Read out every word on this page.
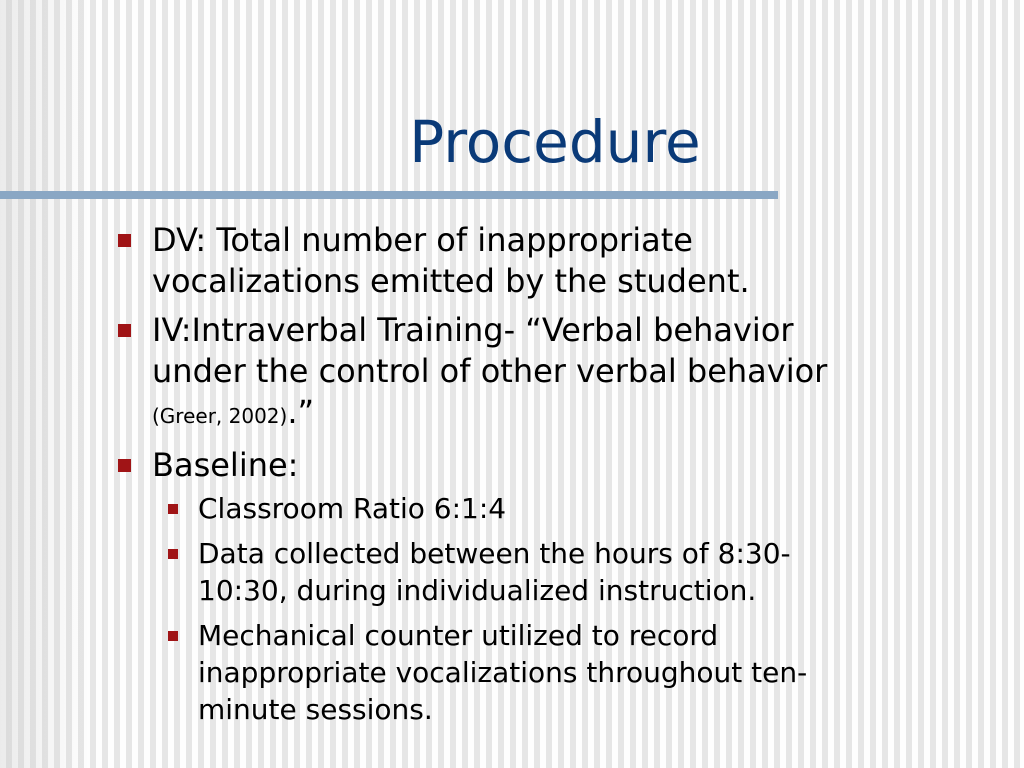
Procedure
DV: Total number of inappropriate
vocalizations emitted by the student.
IV:Intraverbal Training- “Verbal behavior
under the control of other verbal behavior
(Greer, 2002).”
Baseline:
Classroom Ratio 6:1:4
Data collected between the hours of 8:30-
10:30, during individualized instruction.
Mechanical counter utilized to record
inappropriate vocalizations throughout ten-
minute sessions.
